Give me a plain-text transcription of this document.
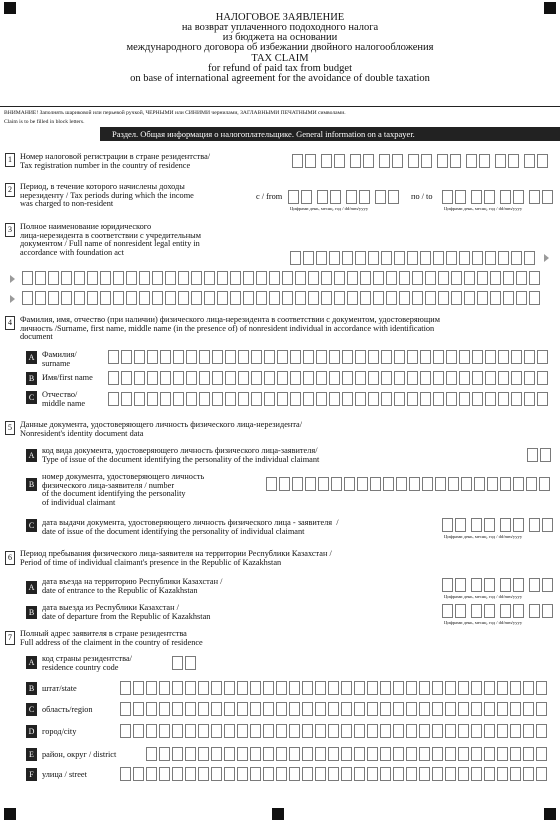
НАЛОГОВОЕ ЗАЯВЛЕНИЕ
на возврат уплаченного подоходного налога
из бюджета на основании
международного договора об избежании двойного налогообложения
TAX CLAIM
for refund of paid tax from budget
on base of international agreement for the avoidance of double taxation
ВНИМАНИЕ! Заполнять шариковой или перьевой ручкой, ЧЕРНЫМИ или СИНИМИ чернилами, ЗАГЛАВНЫМИ ПЕЧАТНЫМИ символами.
Claim is to be filled in block letters.
Раздел. Общая информация о налогоплательщике. General information on a taxpayer.
1 Номер налоговой регистрации в стране резидентства/
Tax registration number in the country of residence
2 Период, в течение которого начислены доходы
нерезиденту / Tax periods during which the income
was charged to non-resident
с / from
Цифрами день, месяц, год / dd/mm/yyyy
по / to
Цифрами день, месяц, год / dd/mm/yyyy
3 Полное наименование юридического
лица-нерезидента в соответствии с учредительным
документом / Full name of nonresident legal entity in
accordance with foundation act
4 Фамилия, имя, отчество (при наличии) физического лица-нерезидента в соответствии с документом, удостоверяющим
личность /Surname, first name, middle name (in the presence of) of nonresident individual in accordance with identification
document
A Фамилия/
surname
B Имя/first name
C Отчество/
middle name
5 Данные документа, удостоверяющего личность физического лица-нерезидента/
Nonresident's identity document data
A
код вида документа, удостоверяющего личность физического лица-заявителя/
Type of issue of the document identifying the personality of the individual claimant
B
номер документа, удостоверяющего личность
физического лица-заявителя / number
of the document identifying the personality
of individual claimant
C дата выдачи документа, удостоверяющего личность физического лица - заявителя  /
date of issue of the document identifying the personality of individual claimant
Цифрами день, месяц, год / dd/mm/yyyy
6 Период пребывания физического лица-заявителя на территории Республики Казахстан /
Period of time of individual claimant's presence in the Republic of Kazakhstan
A
дата въезда на территорию Республики Казахстан /
date of entrance to the Republic of Kazakhstan
Цифрами день, месяц, год / dd/mm/yyyy
B
дата выезда из Республики Казахстан /
date of departure from the Republic of Kazakhstan
Цифрами день, месяц, год / dd/mm/yyyy
7 Полный адрес заявителя в стране резидентства
Full address of the claiment in the country of residence
A код страны резидентства/
residence country code
B штат/state
C область/region
D город/city
E район, округ / district
F улица / street
